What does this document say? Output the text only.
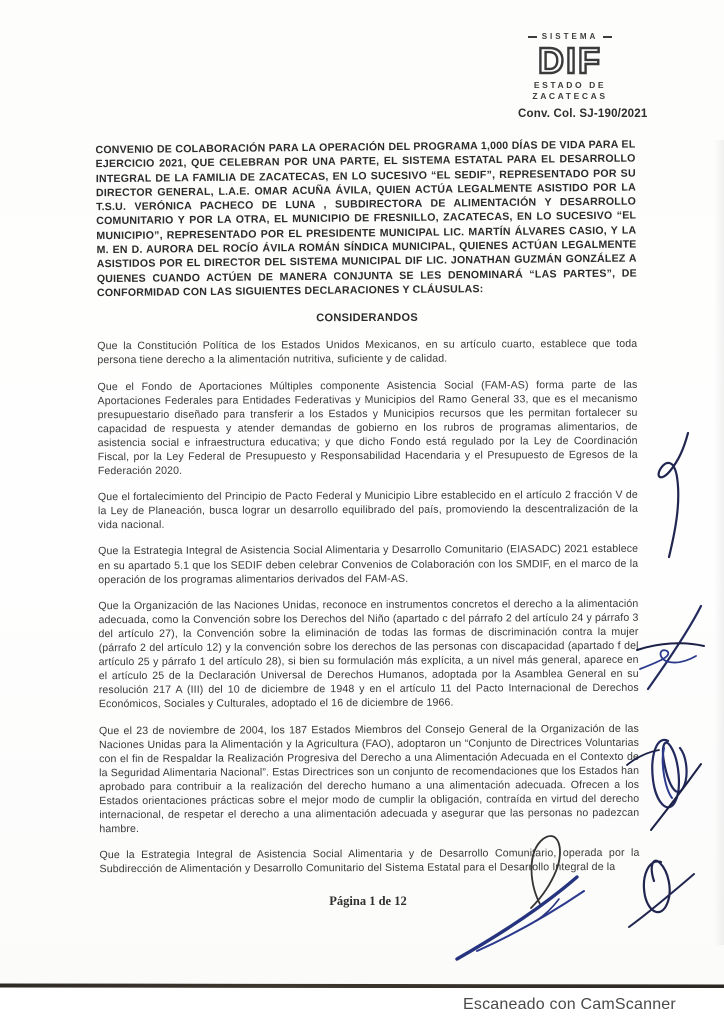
SISTEMA
DIF
ESTADO DE
ZACATECAS
Conv. Col. SJ-190/2021

CONVENIO DE COLABORACIÓN PARA LA OPERACIÓN DEL PROGRAMA 1,000 DÍAS DE VIDA PARA EL EJERCICIO 2021, QUE CELEBRAN POR UNA PARTE, EL SISTEMA ESTATAL PARA EL DESARROLLO INTEGRAL DE LA FAMILIA DE ZACATECAS, EN LO SUCESIVO “EL SEDIF”, REPRESENTADO POR SU DIRECTOR GENERAL, L.A.E. OMAR ACUÑA ÁVILA, QUIEN ACTÚA LEGALMENTE ASISTIDO POR LA T.S.U. VERÓNICA PACHECO DE LUNA , SUBDIRECTORA DE ALIMENTACIÓN Y DESARROLLO COMUNITARIO Y POR LA OTRA, EL MUNICIPIO DE FRESNILLO, ZACATECAS, EN LO SUCESIVO “EL MUNICIPIO”, REPRESENTADO POR EL PRESIDENTE MUNICIPAL LIC. MARTÍN ÁLVARES CASIO, Y LA M. EN D. AURORA DEL ROCÍO ÁVILA ROMÁN SÍNDICA MUNICIPAL, QUIENES ACTÚAN LEGALMENTE ASISTIDOS POR EL DIRECTOR DEL SISTEMA MUNICIPAL DIF LIC. JONATHAN GUZMÁN GONZÁLEZ A QUIENES CUANDO ACTÚEN DE MANERA CONJUNTA SE LES DENOMINARÁ “LAS PARTES”, DE CONFORMIDAD CON LAS SIGUIENTES DECLARACIONES Y CLÁUSULAS:

CONSIDERANDOS

Que la Constitución Política de los Estados Unidos Mexicanos, en su artículo cuarto, establece que toda persona tiene derecho a la alimentación nutritiva, suficiente y de calidad.

Que el Fondo de Aportaciones Múltiples componente Asistencia Social (FAM-AS) forma parte de las Aportaciones Federales para Entidades Federativas y Municipios del Ramo General 33, que es el mecanismo presupuestario diseñado para transferir a los Estados y Municipios recursos que les permitan fortalecer su capacidad de respuesta y atender demandas de gobierno en los rubros de programas alimentarios, de asistencia social e infraestructura educativa; y que dicho Fondo está regulado por la Ley de Coordinación Fiscal, por la Ley Federal de Presupuesto y Responsabilidad Hacendaria y el Presupuesto de Egresos de la Federación 2020.

Que el fortalecimiento del Principio de Pacto Federal y Municipio Libre establecido en el artículo 2 fracción V de la Ley de Planeación, busca lograr un desarrollo equilibrado del país, promoviendo la descentralización de la vida nacional.

Que la Estrategia Integral de Asistencia Social Alimentaria y Desarrollo Comunitario (EIASADC) 2021 establece en su apartado 5.1 que los SEDIF deben celebrar Convenios de Colaboración con los SMDIF, en el marco de la operación de los programas alimentarios derivados del FAM-AS.

Que la Organización de las Naciones Unidas, reconoce en instrumentos concretos el derecho a la alimentación adecuada, como la Convención sobre los Derechos del Niño (apartado c del párrafo 2 del artículo 24 y párrafo 3 del artículo 27), la Convención sobre la eliminación de todas las formas de discriminación contra la mujer (párrafo 2 del artículo 12) y la convención sobre los derechos de las personas con discapacidad (apartado f del artículo 25 y párrafo 1 del artículo 28), si bien su formulación más explícita, a un nivel más general, aparece en el artículo 25 de la Declaración Universal de Derechos Humanos, adoptada por la Asamblea General en su resolución 217 A (III) del 10 de diciembre de 1948 y en el artículo 11 del Pacto Internacional de Derechos Económicos, Sociales y Culturales, adoptado el 16 de diciembre de 1966.

Que el 23 de noviembre de 2004, los 187 Estados Miembros del Consejo General de la Organización de las Naciones Unidas para la Alimentación y la Agricultura (FAO), adoptaron un “Conjunto de Directrices Voluntarias con el fin de Respaldar la Realización Progresiva del Derecho a una Alimentación Adecuada en el Contexto de la Seguridad Alimentaria Nacional”. Estas Directrices son un conjunto de recomendaciones que los Estados han aprobado para contribuir a la realización del derecho humano a una alimentación adecuada. Ofrecen a los Estados orientaciones prácticas sobre el mejor modo de cumplir la obligación, contraída en virtud del derecho internacional, de respetar el derecho a una alimentación adecuada y asegurar que las personas no padezcan hambre.

Que la Estrategia Integral de Asistencia Social Alimentaria y de Desarrollo Comunitario, operada por la Subdirección de Alimentación y Desarrollo Comunitario del Sistema Estatal para el Desarrollo Integral de la

Página 1 de 12
Escaneado con CamScanner
